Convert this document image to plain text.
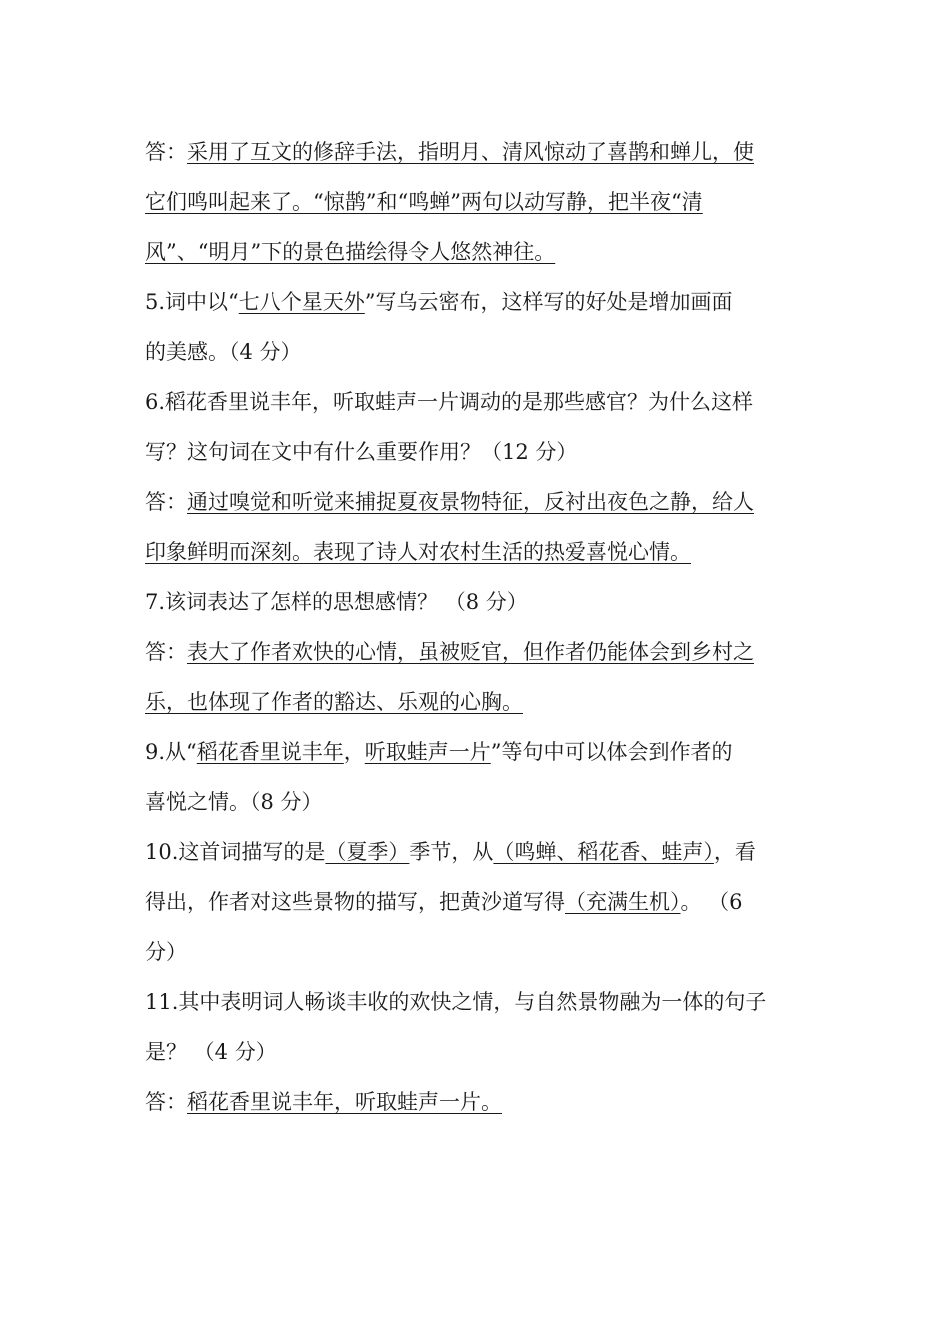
答：采用了互文的修辞手法，指明月、清风惊动了喜鹊和蝉儿，使
它们鸣叫起来了。“惊鹊”和“鸣蝉”两句以动写静，把半夜“清
风”、“明月”下的景色描绘得令人悠然神往。
5.词中以“七八个星天外”写乌云密布，这样写的好处是增加画面
的美感。（4 分）
6.稻花香里说丰年，听取蛙声一片调动的是那些感官？为什么这样
写？这句词在文中有什么重要作用？（12 分）
答：通过嗅觉和听觉来捕捉夏夜景物特征，反衬出夜色之静，给人
印象鲜明而深刻。表现了诗人对农村生活的热爱喜悦心情。
7.该词表达了怎样的思想感情？ （8 分）
答：表大了作者欢快的心情，虽被贬官，但作者仍能体会到乡村之
乐，也体现了作者的豁达、乐观的心胸。
9.从“稻花香里说丰年，听取蛙声一片”等句中可以体会到作者的
喜悦之情。（8 分）
10.这首词描写的是（夏季）季节，从（鸣蝉、稻花香、蛙声），看
得出，作者对这些景物的描写，把黄沙道写得（充满生机）。 （6
分）
11.其中表明词人畅谈丰收的欢快之情，与自然景物融为一体的句子
是？ （4 分）
答：稻花香里说丰年，听取蛙声一片。
